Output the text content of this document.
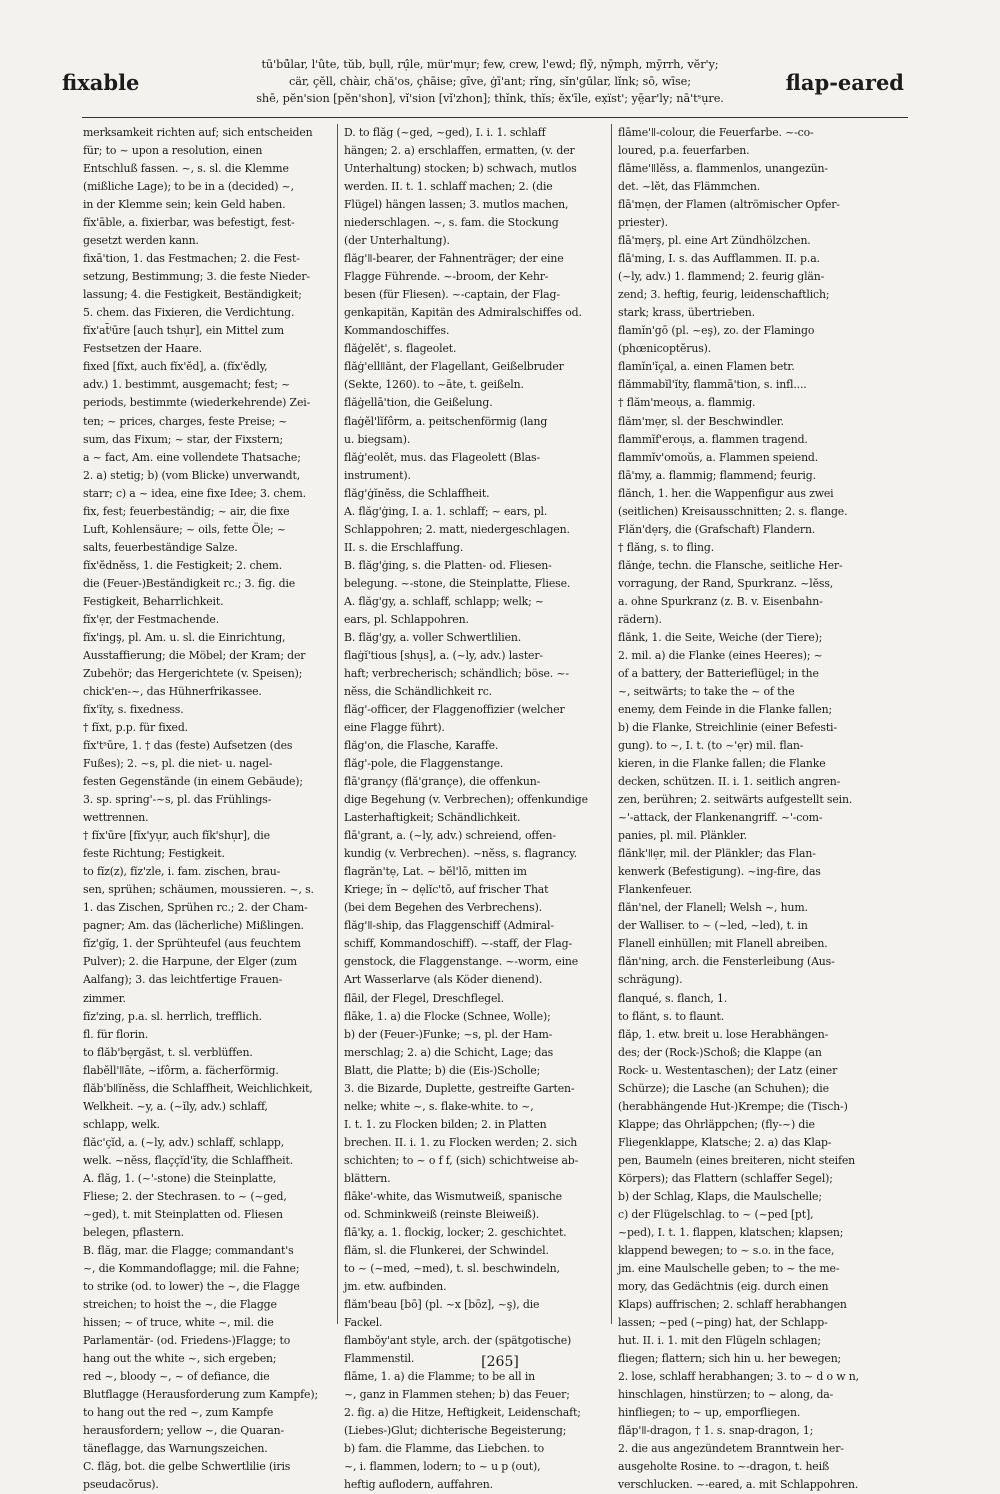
fixable
tū'bū̍lar, l'ûte, tŭb, bụll, rụ̂le, mür'mụr; few, crew, l'ewd; flȳ, nȳmph, mȳrrh, vĕr'y;
cär, çĕll, chàir, chă'os, çhāise; gīve, ġī'ant; rǐng, sǐn'gūlar, lǐnk; sō, wīse;
shē, pĕn'sion [pĕn'shon], vǐ'sion [vǐ'zhon]; thǐnk, thĭs; ĕx'īle, ex̣ïst'; yē̤ar'ly; nā'tˢụre.
flap-eared
merksamkeit richten auf; sich entscheiden
für; to ~ upon a resolution, einen
Entschluß fassen. ~, s. sl. die Klemme
(mißliche Lage); to be in a (decided) ~,
in der Klemme sein; kein Geld haben.
fĭx'āble, a. fixierbar, was befestigt, fest-
gesetzt werden kann.
fixā'tion, 1. das Festmachen; 2. die Fest-
setzung, Bestimmung; 3. die feste Nieder-
lassung; 4. die Festigkeit, Beständigkeit;
5. chem. das Fixieren, die Verdichtung.
fĭx'at̄ⁱūre [auch tshụr], ein Mittel zum
Festsetzen der Haare.
fixed [fĭxt, auch fĭx'ĕd], a. (fĭx'ĕdly,
adv.) 1. bestimmt, ausgemacht; fest; ~
periods, bestimmte (wiederkehrende) Zei-
ten; ~ prices, charges, feste Preise; ~
sum, das Fixum; ~ star, der Fixstern;
a ~ fact, Am. eine vollendete Thatsache;
2. a) stetig; b) (vom Blicke) unverwandt,
starr; c) a ~ idea, eine fixe Idee; 3. chem.
fix, fest; feuerbeständig; ~ air, die fixe
Luft, Kohlensäure; ~ oils, fette Öle; ~
salts, feuerbeständige Salze.
fĭx'ĕdnĕss, 1. die Festigkeit; 2. chem.
die (Feuer-)Beständigkeit rc.; 3. fig. die
Festigkeit, Beharrlichkeit.
fĭx'ẹr, der Festmachende.
fĭx'ingş, pl. Am. u. sl. die Einrichtung,
Ausstaffierung; die Möbel; der Kram; der
Zubehör; das Hergerichtete (v. Speisen);
chick'en-~, das Hühnerfrikassee.
fĭx'ĭty, s. fixedness.
† fĭxt, p.p. für fixed.
fĭx'tˢūre, 1. † das (feste) Aufsetzen (des
Fußes); 2. ~s, pl. die niet- u. nagel-
festen Gegenstände (in einem Gebäude);
3. sp. spring'-~s, pl. das Frühlings-
wettrennen.
† fĭx'ūre [fĭx'yụr, auch fĭk'shụr], die
feste Richtung; Festigkeit.
to fĭz(z), fĭz'zle, i. fam. zischen, brau-
sen, sprühen; schäumen, moussieren. ~, s.
1. das Zischen, Sprühen rc.; 2. der Cham-
pagner; Am. das (lächerliche) Mißlingen.
fĭz'gĭg, 1. der Sprühteufel (aus feuchtem
Pulver); 2. die Harpune, der Elger (zum
Aalfang); 3. das leichtfertige Frauen-
zimmer.
fĭz'zing, p.a. sl. herrlich, trefflich.
fl. für florin.
to flăb'bẹrgăst, t. sl. verblüffen.
flabĕll'ǁāte, ~ifôrm, a. fächerförmig.
flăb'bǁĭnĕss, die Schlaffheit, Weichlichkeit,
Welkheit. ~y, a. (~ĭly, adv.) schlaff,
schlapp, welk.
flăc'çĭd, a. (~ly, adv.) schlaff, schlapp,
welk. ~nĕss, flaççĭd'ĭty, die Schlaffheit.
A. flăg, 1. (~'-stone) die Steinplatte,
Fliese; 2. der Stechrasen. to ~ (~ged,
~ged), t. mit Steinplatten od. Fliesen
belegen, pflastern.
B. flăg, mar. die Flagge; commandant's
~, die Kommandoflagge; mil. die Fahne;
to strike (od. to lower) the ~, die Flagge
streichen; to hoist the ~, die Flagge
hissen; ~ of truce, white ~, mil. die
Parlamentär- (od. Friedens-)Flagge; to
hang out the white ~, sich ergeben;
red ~, bloody ~, ~ of defiance, die
Blutflagge (Herausforderung zum Kampfe);
to hang out the red ~, zum Kampfe
herausfordern; yellow ~, die Quaran-
täneflagge, das Warnungszeichen.
C. flăg, bot. die gelbe Schwertlilie (iris
pseudacŏrus).
D. to flăg (~ged, ~ged), I. i. 1. schlaff
hängen; 2. a) erschlaffen, ermatten, (v. der
Unterhaltung) stocken; b) schwach, mutlos
werden. II. t. 1. schlaff machen; 2. (die
Flügel) hängen lassen; 3. mutlos machen,
niederschlagen. ~, s. fam. die Stockung
(der Unterhaltung).
flăg'ǁ-bearer, der Fahnenträger; der eine
Flagge Führende. ~-broom, der Kehr-
besen (für Fliesen). ~-captain, der Flag-
genkapitän, Kapitän des Admiralschiffes od.
Kommandoschiffes.
flăġelĕt', s. flageolet.
flăġ'ellǁănt, der Flagellant, Geißelbruder
(Sekte, 1260). to ~āte, t. geißeln.
flăġellā'tion, die Geißelung.
flaġĕl'lĭfôrm, a. peitschenförmig (lang
u. biegsam).
flăġ'eolĕt, mus. das Flageolett (Blas-
instrument).
flăg'ġĭnĕss, die Schlaffheit.
A. flăg'ġing, I. a. 1. schlaff; ~ ears, pl.
Schlappohren; 2. matt, niedergeschlagen.
II. s. die Erschlaffung.
B. flăg'ġing, s. die Platten- od. Fliesen-
belegung. ~-stone, die Steinplatte, Fliese.
A. flăg'gy, a. schlaff, schlapp; welk; ~
ears, pl. Schlappohren.
B. flăg'gy, a. voller Schwertlilien.
flaġĭ'tious [shụs], a. (~ly, adv.) laster-
haft; verbrecherisch; schändlich; böse. ~-
nĕss, die Schändlichkeit rc.
flăg'-officer, der Flaggenoffizier (welcher
eine Flagge führt).
flăg'on, die Flasche, Karaffe.
flăg'-pole, die Flaggenstange.
flā'grançy (flă'grançe), die offenkun-
dige Begehung (v. Verbrechen); offenkundige
Lasterhaftigkeit; Schändlichkeit.
flā'grant, a. (~ly, adv.) schreiend, offen-
kundig (v. Verbrechen). ~nĕss, s. flagrancy.
flagrăn'tẹ, Lat. ~ bĕl'lō, mitten im
Kriege; ĭn ~ dẹlĭc'tō, auf frischer That
(bei dem Begehen des Verbrechens).
flăg'ǁ-ship, das Flaggenschiff (Admiral-
schiff, Kommandoschiff). ~-staff, der Flag-
genstock, die Flaggenstange. ~-worm, eine
Art Wasserlarve (als Köder dienend).
flāil, der Flegel, Dreschflegel.
flāke, 1. a) die Flocke (Schnee, Wolle);
b) der (Feuer-)Funke; ~s, pl. der Ham-
merschlag; 2. a) die Schicht, Lage; das
Blatt, die Platte; b) die (Eis-)Scholle;
3. die Bizarde, Duplette, gestreifte Garten-
nelke; white ~, s. flake-white. to ~,
I. t. 1. zu Flocken bilden; 2. in Platten
brechen. II. i. 1. zu Flocken werden; 2. sich
schichten; to ~ o f f, (sich) schichtweise ab-
blättern.
flāke'-white, das Wismutweiß, spanische
od. Schminkweiß (reinste Bleiweiß).
flā'ky, a. 1. flockig, locker; 2. geschichtet.
flăm, sl. die Flunkerei, der Schwindel.
to ~ (~med, ~med), t. sl. beschwindeln,
jm. etw. aufbinden.
flăm'beau [bō] (pl. ~x [bōz], ~ş), die
Fackel.
flambŏy'ant style, arch. der (spätgotische)
Flammenstil.
flāme, 1. a) die Flamme; to be all in
~, ganz in Flammen stehen; b) das Feuer;
2. fig. a) die Hitze, Heftigkeit, Leidenschaft;
(Liebes-)Glut; dichterische Begeisterung;
b) fam. die Flamme, das Liebchen. to
~, i. flammen, lodern; to ~ u p (out),
heftig auflodern, auffahren.
flāme'ǁ-colour, die Feuerfarbe. ~-co-
loured, p.a. feuerfarben.
flāme'ǁlĕss, a. flammenlos, unangezün-
det. ~lĕt, das Flämmchen.
flā'mẹn, der Flamen (altrömischer Opfer-
priester).
flā'mẹrş, pl. eine Art Zündhölzchen.
flā'ming, I. s. das Aufflammen. II. p.a.
(~ly, adv.) 1. flammend; 2. feurig glän-
zend; 3. heftig, feurig, leidenschaftlich;
stark; krass, übertrieben.
flamĭn'gō (pl. ~eş), zo. der Flamingo
(phœnicoptĕrus).
flamĭn'ĭçal, a. einen Flamen betr.
flămmabĭl'ĭty, flammā'tion, s. infl....
† flăm'meoụs, a. flammig.
flăm'mẹr, sl. der Beschwindler.
flammĭf'eroụs, a. flammen tragend.
flammĭv'omoŭs, a. Flammen speiend.
flā'my, a. flammig; flammend; feurig.
flănch, 1. her. die Wappenfigur aus zwei
(seitlichen) Kreisausschnitten; 2. s. flange.
Flăn'dẹrş, die (Grafschaft) Flandern.
† flăng, s. to fling.
flănġe, techn. die Flansche, seitliche Her-
vorragung, der Rand, Spurkranz. ~lĕss,
a. ohne Spurkranz (z. B. v. Eisenbahn-
rädern).
flănk, 1. die Seite, Weiche (der Tiere);
2. mil. a) die Flanke (eines Heeres); ~
of a battery, der Batterieflügel; in the
~, seitwärts; to take the ~ of the
enemy, dem Feinde in die Flanke fallen;
b) die Flanke, Streichlinie (einer Befesti-
gung). to ~, I. t. (to ~'ẹr) mil. flan-
kieren, in die Flanke fallen; die Flanke
decken, schützen. II. i. 1. seitlich angren-
zen, berühren; 2. seitwärts aufgestellt sein.
~'-attack, der Flankenangriff. ~'-com-
panies, pl. mil. Plänkler.
flănk'ǁẹr, mil. der Plänkler; das Flan-
kenwerk (Befestigung). ~ing-fire, das
Flankenfeuer.
flăn'nel, der Flanell; Welsh ~, hum.
der Walliser. to ~ (~led, ~led), t. in
Flanell einhüllen; mit Flanell abreiben.
flăn'ning, arch. die Fensterleibung (Aus-
schrägung).
flanqué, s. flanch, 1.
to flănt, s. to flaunt.
flăp, 1. etw. breit u. lose Herabhängen-
des; der (Rock-)Schoß; die Klappe (an
Rock- u. Westentaschen); der Latz (einer
Schürze); die Lasche (an Schuhen); die
(herabhängende Hut-)Krempe; die (Tisch-)
Klappe; das Ohrläppchen; (fly-~) die
Fliegenklappe, Klatsche; 2. a) das Klap-
pen, Baumeln (eines breiteren, nicht steifen
Körpers); das Flattern (schlaffer Segel);
b) der Schlag, Klaps, die Maulschelle;
c) der Flügelschlag. to ~ (~ped [pt],
~ped), I. t. 1. flappen, klatschen; klapsen;
klappend bewegen; to ~ s.o. in the face,
jm. eine Maulschelle geben; to ~ the me-
mory, das Gedächtnis (eig. durch einen
Klaps) auffrischen; 2. schlaff herabhangen
lassen; ~ped (~ping) hat, der Schlapp-
hut. II. i. 1. mit den Flügeln schlagen;
fliegen; flattern; sich hin u. her bewegen;
2. lose, schlaff herabhangen; 3. to ~ d o w n,
hinschlagen, hinstürzen; to ~ along, da-
hinfliegen; to ~ up, emporfliegen.
flăp'ǁ-dragon, † 1. s. snap-dragon, 1;
2. die aus angezündetem Branntwein her-
ausgeholte Rosine. to ~-dragon, t. heiß
verschlucken. ~-eared, a. mit Schlappohren.
[265]
